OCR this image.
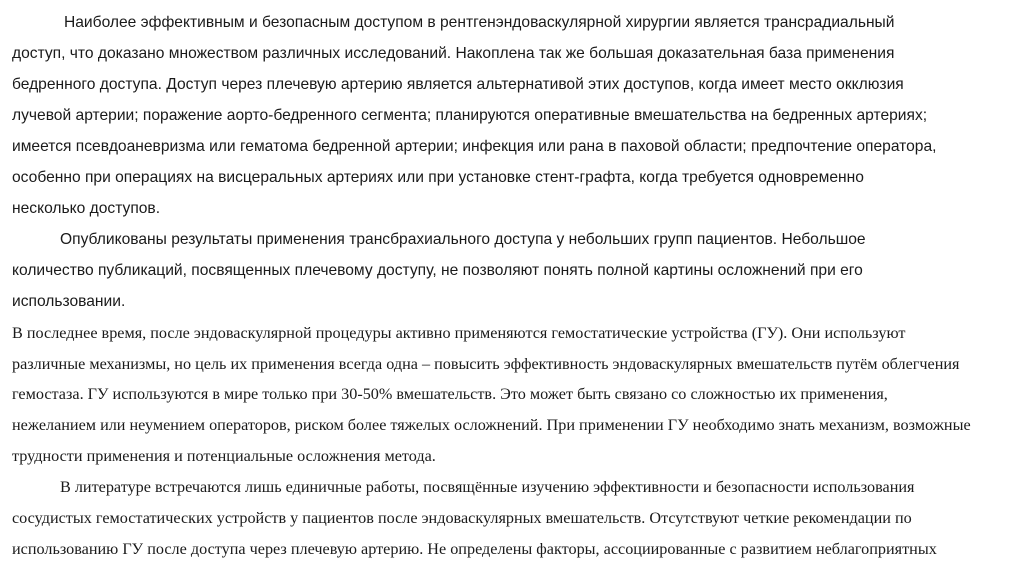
Наиболее эффективным и безопасным доступом в рентгенэндоваскулярной хирургии является трансрадиальный
доступ, что доказано множеством различных исследований. Накоплена так же большая доказательная база применения
бедренного доступа. Доступ через плечевую артерию является альтернативой этих доступов, когда имеет место окклюзия
лучевой артерии; поражение аорто-бедренного сегмента; планируются оперативные вмешательства на бедренных артериях;
имеется псевдоаневризма или гематома бедренной артерии; инфекция или рана в паховой области; предпочтение оператора,
особенно при операциях на висцеральных артериях или при установке стент-графта, когда требуется одновременно
несколько доступов.
Опубликованы результаты применения трансбрахиального доступа у небольших групп пациентов. Небольшое
количество публикаций, посвященных плечевому доступу, не позволяют понять полной картины осложнений при его
использовании.
В последнее время, после эндоваскулярной процедуры активно применяются гемостатические устройства (ГУ). Они используют
различные механизмы, но цель их применения всегда одна – повысить эффективность эндоваскулярных вмешательств путём облегчения
гемостаза. ГУ используются в мире только при 30-50% вмешательств. Это может быть связано со сложностью их применения,
нежеланием или неумением операторов, риском более тяжелых осложнений. При применении ГУ необходимо знать механизм, возможные
трудности применения и потенциальные осложнения метода.
В литературе встречаются лишь единичные работы, посвящённые изучению эффективности и безопасности использования
сосудистых гемостатических устройств у пациентов после эндоваскулярных вмешательств. Отсутствуют четкие рекомендации по
использованию ГУ после доступа через плечевую артерию. Не определены факторы, ассоциированные с развитием неблагоприятных
